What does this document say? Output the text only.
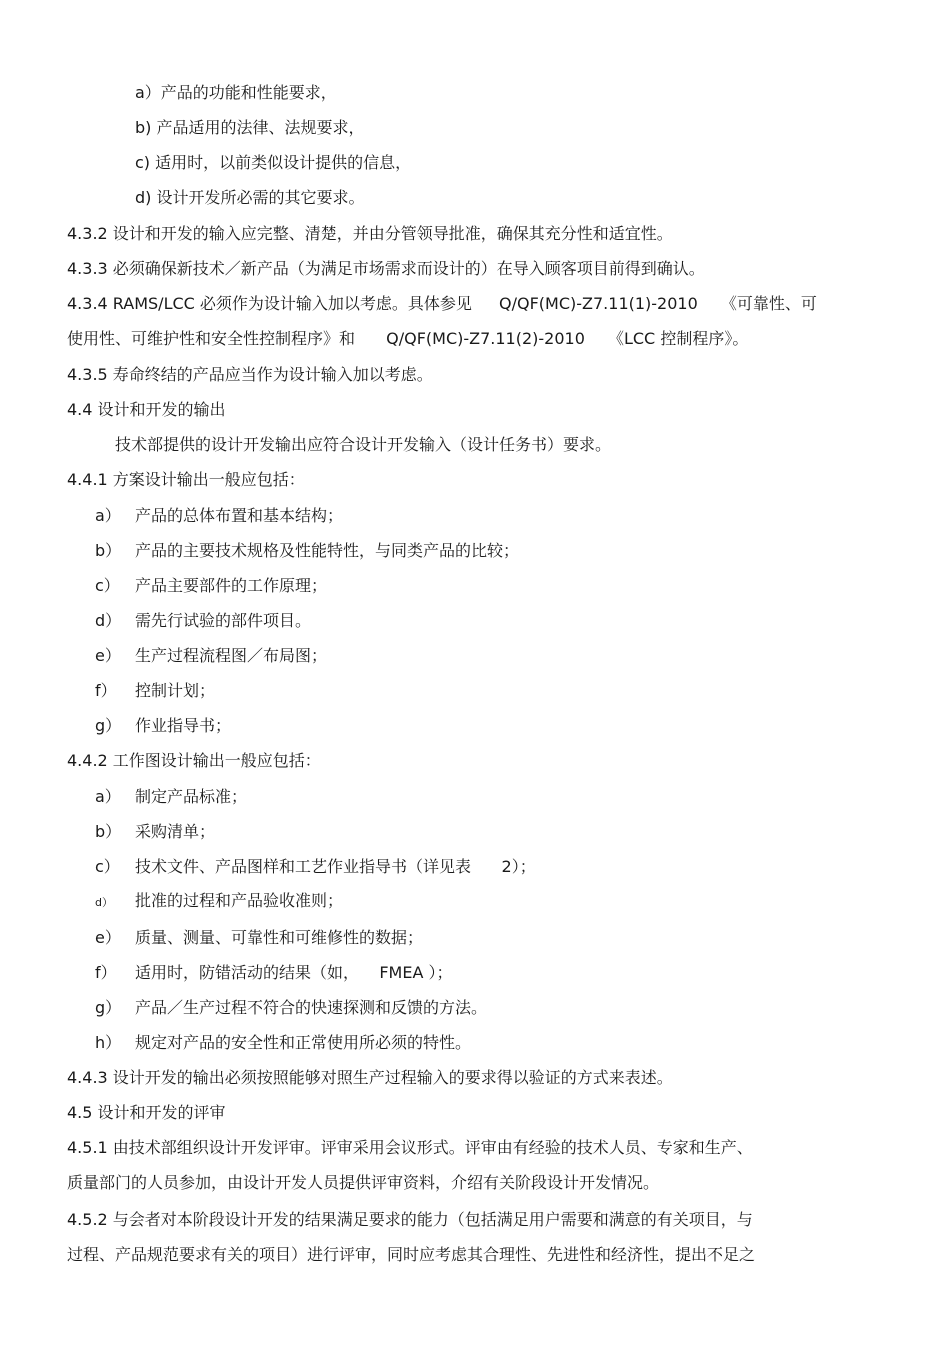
a）产品的功能和性能要求，
b) 产品适用的法律、法规要求，
c) 适用时，以前类似设计提供的信息，
d) 设计开发所必需的其它要求。
4.3.2 设计和开发的输入应完整、清楚，并由分管领导批准，确保其充分性和适宜性。
4.3.3 必须确保新技术／新产品（为满足市场需求而设计的）在导入顾客项目前得到确认。
4.3.4 RAMS/LCC 必须作为设计输入加以考虑。具体参见 Q/QF(MC)-Z7.11(1)-2010 《可靠性、可
使用性、可维护性和安全性控制程序》和 Q/QF(MC)-Z7.11(2)-2010 《LCC 控制程序》。
4.3.5 寿命终结的产品应当作为设计输入加以考虑。
4.4 设计和开发的输出
技术部提供的设计开发输出应符合设计开发输入（设计任务书）要求。
4.4.1 方案设计输出一般应包括：
a） 产品的总体布置和基本结构；
b） 产品的主要技术规格及性能特性，与同类产品的比较；
c） 产品主要部件的工作原理；
d） 需先行试验的部件项目。
e） 生产过程流程图／布局图；
f） 控制计划；
g） 作业指导书；
4.4.2 工作图设计输出一般应包括：
a） 制定产品标准；
b） 采购清单；
c） 技术文件、产品图样和工艺作业指导书（详见表      2）；
d） 批准的过程和产品验收准则；
e） 质量、测量、可靠性和可维修性的数据；
f） 适用时，防错活动的结果（如，    FMEA ）；
g） 产品／生产过程不符合的快速探测和反馈的方法。
h） 规定对产品的安全性和正常使用所必须的特性。
4.4.3 设计开发的输出必须按照能够对照生产过程输入的要求得以验证的方式来表述。
4.5 设计和开发的评审
4.5.1 由技术部组织设计开发评审。评审采用会议形式。评审由有经验的技术人员、专家和生产、
质量部门的人员参加，由设计开发人员提供评审资料，介绍有关阶段设计开发情况。
4.5.2 与会者对本阶段设计开发的结果满足要求的能力（包括满足用户需要和满意的有关项目，与
过程、产品规范要求有关的项目）进行评审，同时应考虑其合理性、先进性和经济性，提出不足之
